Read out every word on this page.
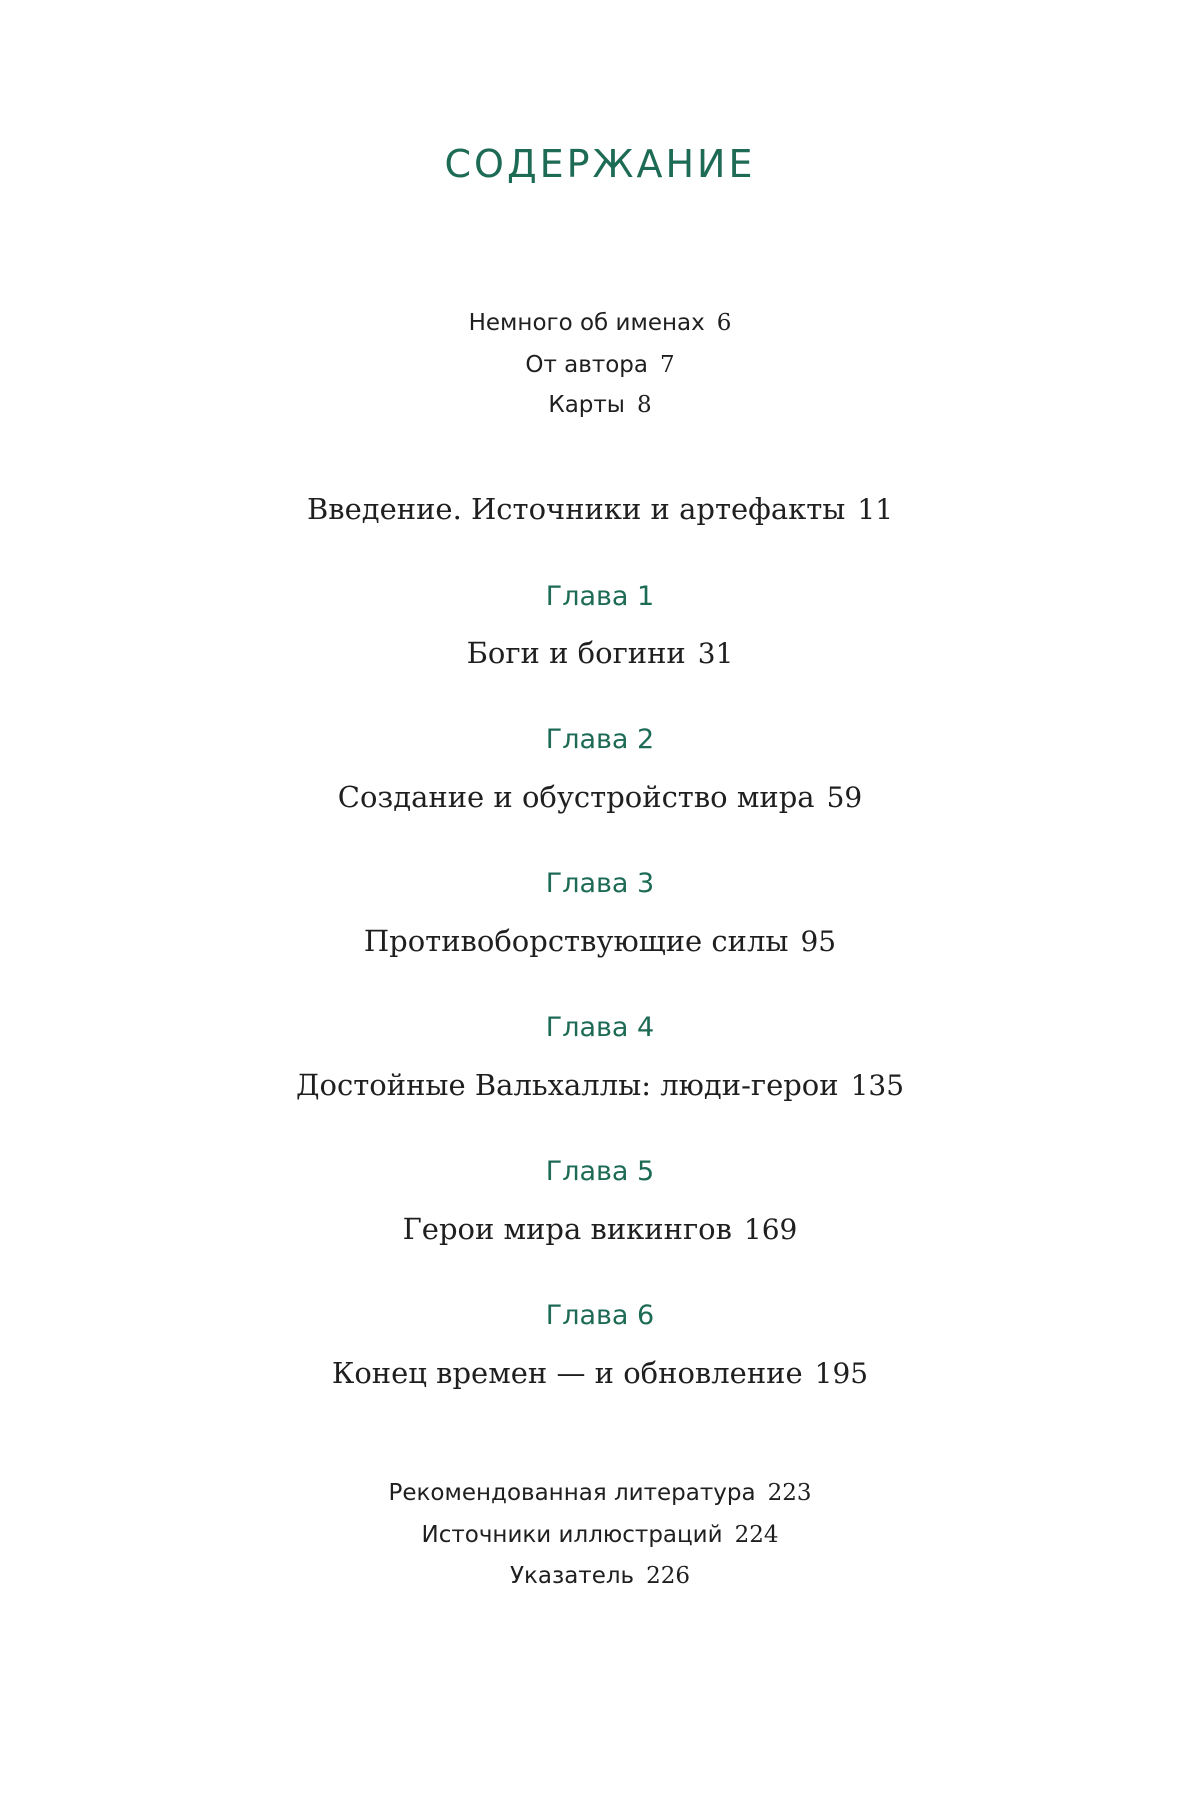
СОДЕРЖАНИЕ
Немного об именах 6
От автора 7
Карты 8
Введение. Источники и артефакты 11
Глава 1
Боги и богини 31
Глава 2
Создание и обустройство мира 59
Глава 3
Противоборствующие силы 95
Глава 4
Достойные Вальхаллы: люди-герои 135
Глава 5
Герои мира викингов 169
Глава 6
Конец времен — и обновление 195
Рекомендованная литература 223
Источники иллюстраций 224
Указатель 226
